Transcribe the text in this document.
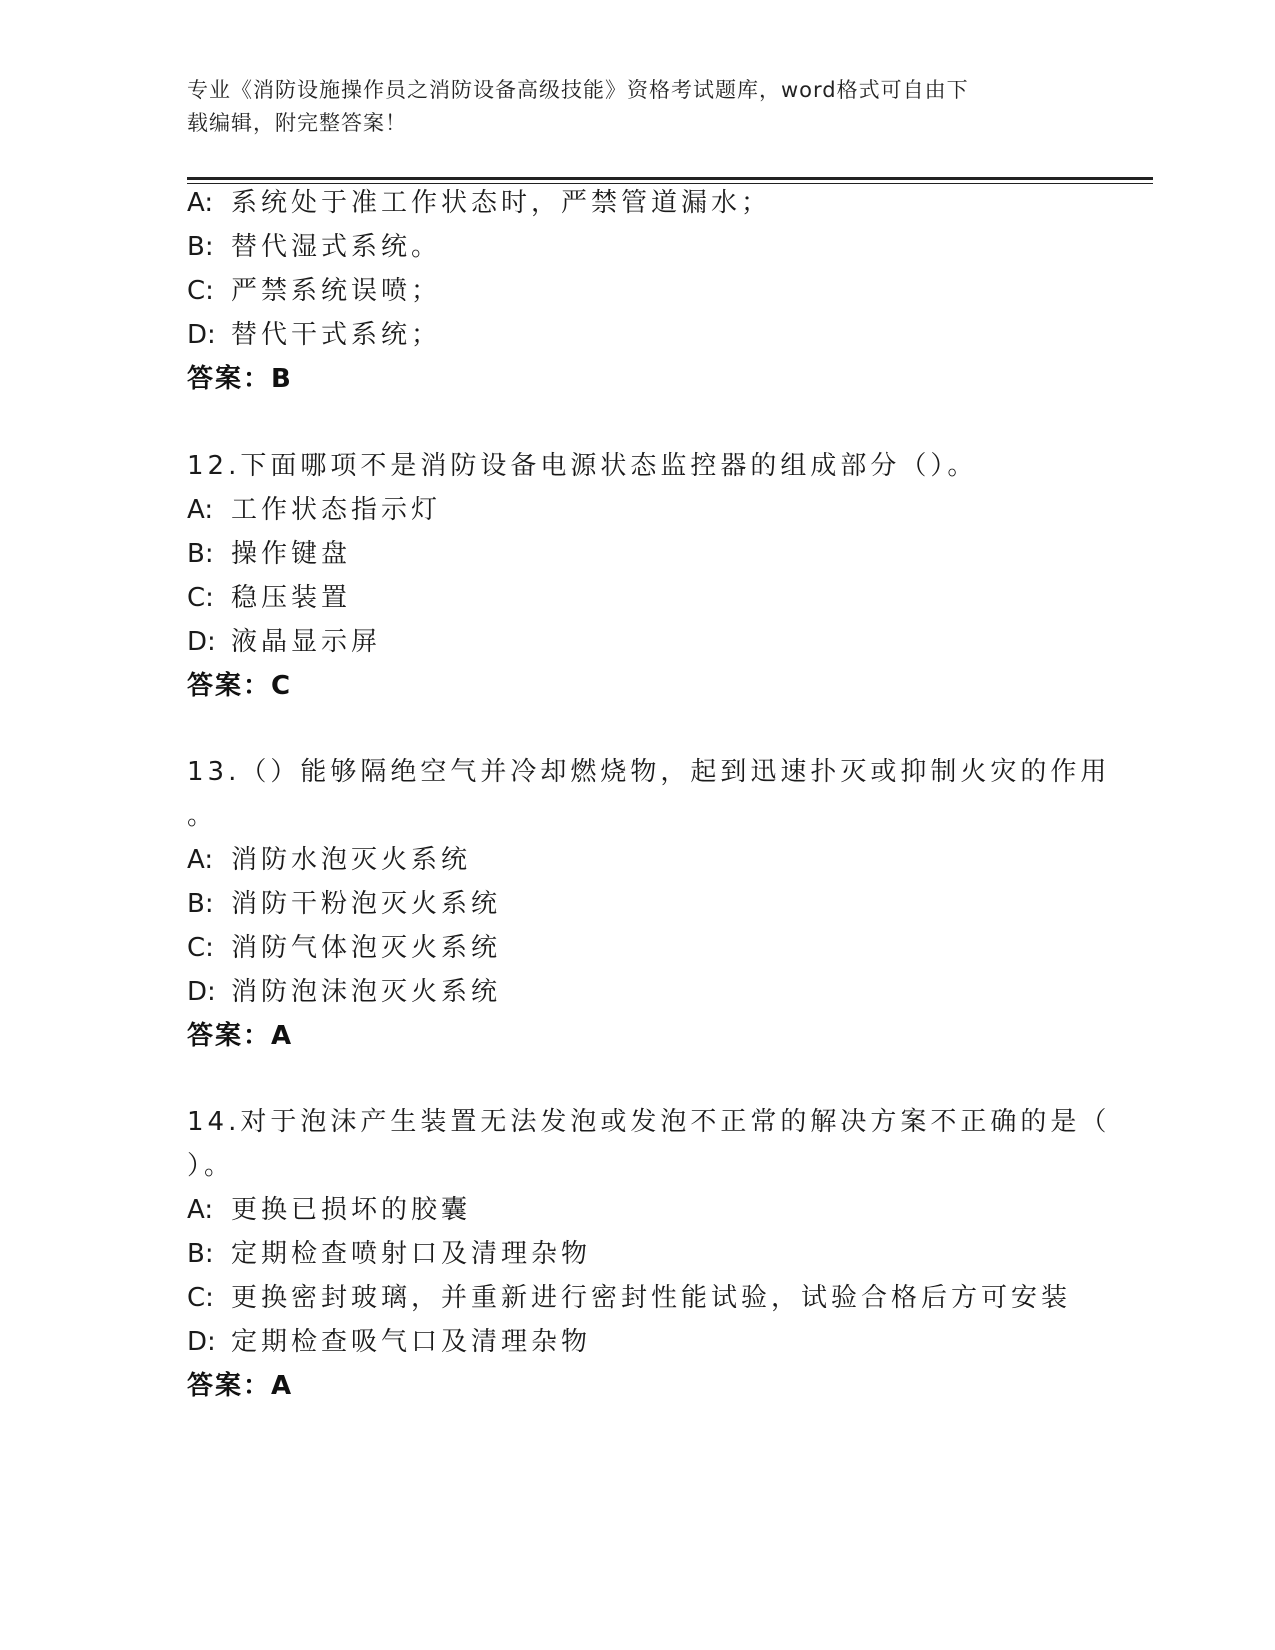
专业《消防设施操作员之消防设备高级技能》资格考试题库，word格式可自由下
载编辑，附完整答案！
A: 系统处于准工作状态时，严禁管道漏水；
B: 替代湿式系统。
C: 严禁系统误喷；
D: 替代干式系统；
答案：B
12.下面哪项不是消防设备电源状态监控器的组成部分（）。
A: 工作状态指示灯
B: 操作键盘
C: 稳压装置
D: 液晶显示屏
答案：C
13.（）能够隔绝空气并冷却燃烧物，起到迅速扑灭或抑制火灾的作用
。
A: 消防水泡灭火系统
B: 消防干粉泡灭火系统
C: 消防气体泡灭火系统
D: 消防泡沫泡灭火系统
答案：A
14.对于泡沫产生装置无法发泡或发泡不正常的解决方案不正确的是（
）。
A: 更换已损坏的胶囊
B: 定期检查喷射口及清理杂物
C: 更换密封玻璃，并重新进行密封性能试验，试验合格后方可安装
D: 定期检查吸气口及清理杂物
答案：A
